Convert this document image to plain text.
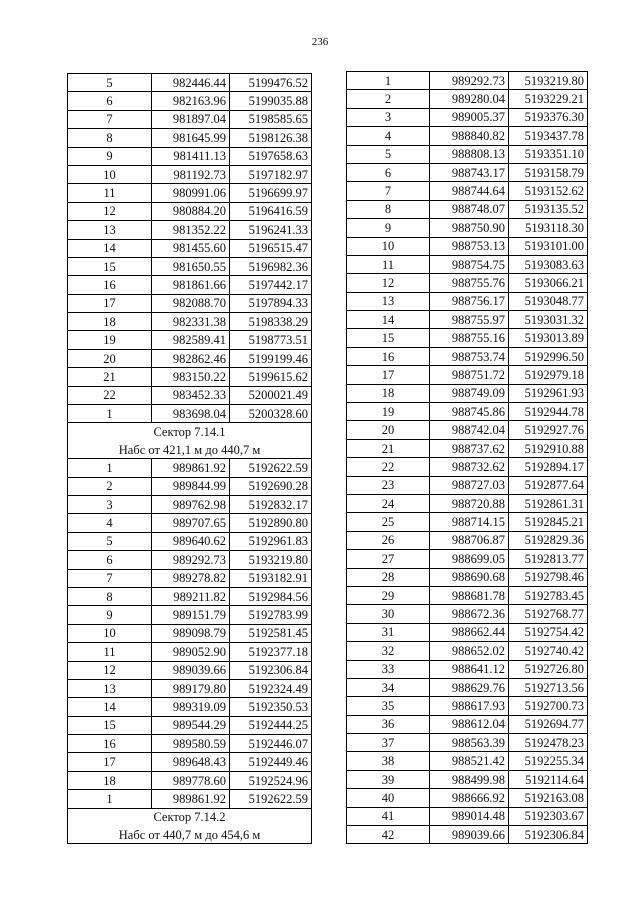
236
5	982446.44	5199476.52
6	982163.96	5199035.88
7	981897.04	5198585.65
8	981645.99	5198126.38
9	981411.13	5197658.63
10	981192.73	5197182.97
11	980991.06	5196699.97
12	980884.20	5196416.59
13	981352.22	5196241.33
14	981455.60	5196515.47
15	981650.55	5196982.36
16	981861.66	5197442.17
17	982088.70	5197894.33
18	982331.38	5198338.29
19	982589.41	5198773.51
20	982862.46	5199199.46
21	983150.22	5199615.62
22	983452.33	5200021.49
1	983698.04	5200328.60
Сектор 7.14.1		
Набс от 421,1 м до 440,7 м		
1	989861.92	5192622.59
2	989844.99	5192690.28
3	989762.98	5192832.17
4	989707.65	5192890.80
5	989640.62	5192961.83
6	989292.73	5193219.80
7	989278.82	5193182.91
8	989211.82	5192984.56
9	989151.79	5192783.99
10	989098.79	5192581.45
11	989052.90	5192377.18
12	989039.66	5192306.84
13	989179.80	5192324.49
14	989319.09	5192350.53
15	989544.29	5192444.25
16	989580.59	5192446.07
17	989648.43	5192449.46
18	989778.60	5192524.96
1	989861.92	5192622.59
Сектор 7.14.2		
Набс от 440,7 м до 454,6 м		
1	989292.73	5193219.80
2	989280.04	5193229.21
3	989005.37	5193376.30
4	988840.82	5193437.78
5	988808.13	5193351.10
6	988743.17	5193158.79
7	988744.64	5193152.62
8	988748.07	5193135.52
9	988750.90	5193118.30
10	988753.13	5193101.00
11	988754.75	5193083.63
12	988755.76	5193066.21
13	988756.17	5193048.77
14	988755.97	5193031.32
15	988755.16	5193013.89
16	988753.74	5192996.50
17	988751.72	5192979.18
18	988749.09	5192961.93
19	988745.86	5192944.78
20	988742.04	5192927.76
21	988737.62	5192910.88
22	988732.62	5192894.17
23	988727.03	5192877.64
24	988720.88	5192861.31
25	988714.15	5192845.21
26	988706.87	5192829.36
27	988699.05	5192813.77
28	988690.68	5192798.46
29	988681.78	5192783.45
30	988672.36	5192768.77
31	988662.44	5192754.42
32	988652.02	5192740.42
33	988641.12	5192726.80
34	988629.76	5192713.56
35	988617.93	5192700.73
36	988612.04	5192694.77
37	988563.39	5192478.23
38	988521.42	5192255.34
39	988499.98	5192114.64
40	988666.92	5192163.08
41	989014.48	5192303.67
42	989039.66	5192306.84
